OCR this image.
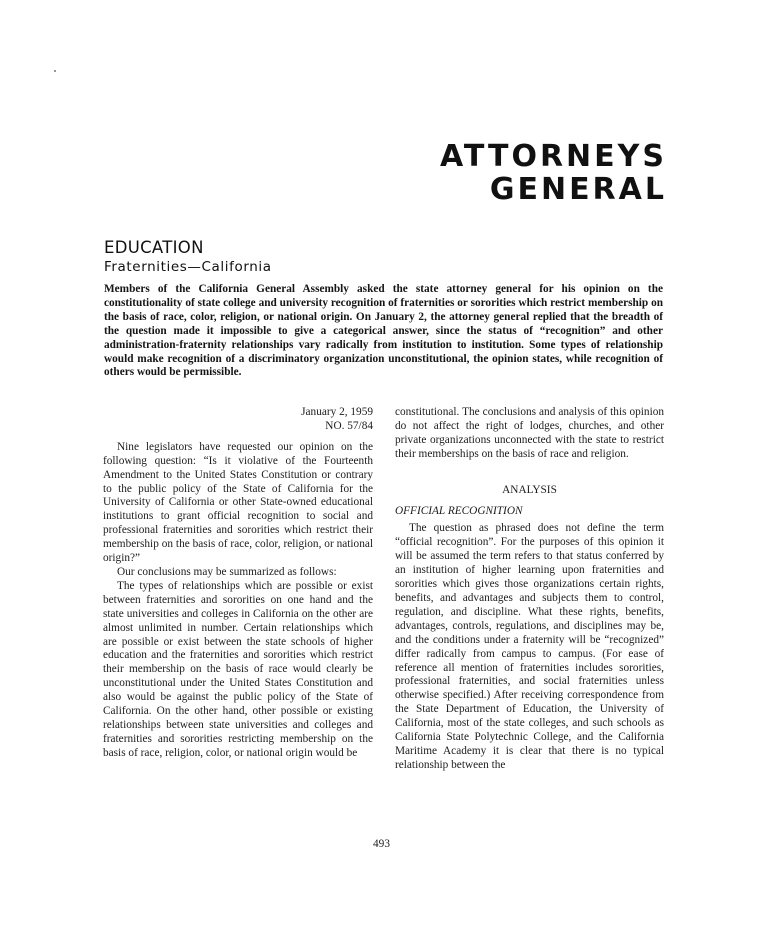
ATTORNEYS
GENERAL
EDUCATION
Fraternities—California
Members of the California General Assembly asked the state attorney general for his opinion on the constitutionality of state college and university recognition of fraternities or sororities which restrict membership on the basis of race, color, religion, or national origin. On January 2, the attorney general replied that the breadth of the question made it impossible to give a categorical answer, since the status of “recognition” and other administration-fraternity relationships vary radically from institution to institution. Some types of relationship would make recognition of a discriminatory organization unconstitutional, the opinion states, while recognition of others would be permissible.
January 2, 1959
NO. 57/84

Nine legislators have requested our opinion on the following question: “Is it violative of the Fourteenth Amendment to the United States Constitution or contrary to the public policy of the State of California for the University of California or other State-owned educational institutions to grant official recognition to social and professional fraternities and sororities which restrict their membership on the basis of race, color, religion, or national origin?”

Our conclusions may be summarized as follows:

The types of relationships which are possible or exist between fraternities and sororities on one hand and the state universities and colleges in California on the other are almost unlimited in number. Certain relationships which are possible or exist between the state schools of higher education and the fraternities and sororities which restrict their membership on the basis of race would clearly be unconstitutional under the United States Constitution and also would be against the public policy of the State of California. On the other hand, other possible or existing relationships between state universities and colleges and fraternities and sororities restricting membership on the basis of race, religion, color, or national origin would be

constitutional. The conclusions and analysis of this opinion do not affect the right of lodges, churches, and other private organizations unconnected with the state to restrict their memberships on the basis of race and religion.

ANALYSIS

OFFICIAL RECOGNITION

The question as phrased does not define the term “official recognition”. For the purposes of this opinion it will be assumed the term refers to that status conferred by an institution of higher learning upon fraternities and sororities which gives those organizations certain rights, benefits, and advantages and subjects them to control, regulation, and discipline. What these rights, benefits, advantages, controls, regulations, and disciplines may be, and the conditions under a fraternity will be “recognized” differ radically from campus to campus. (For ease of reference all mention of fraternities includes sororities, professional fraternities, and social fraternities unless otherwise specified.) After receiving correspondence from the State Department of Education, the University of California, most of the state colleges, and such schools as California State Polytechnic College, and the California Maritime Academy it is clear that there is no typical relationship between the

493
